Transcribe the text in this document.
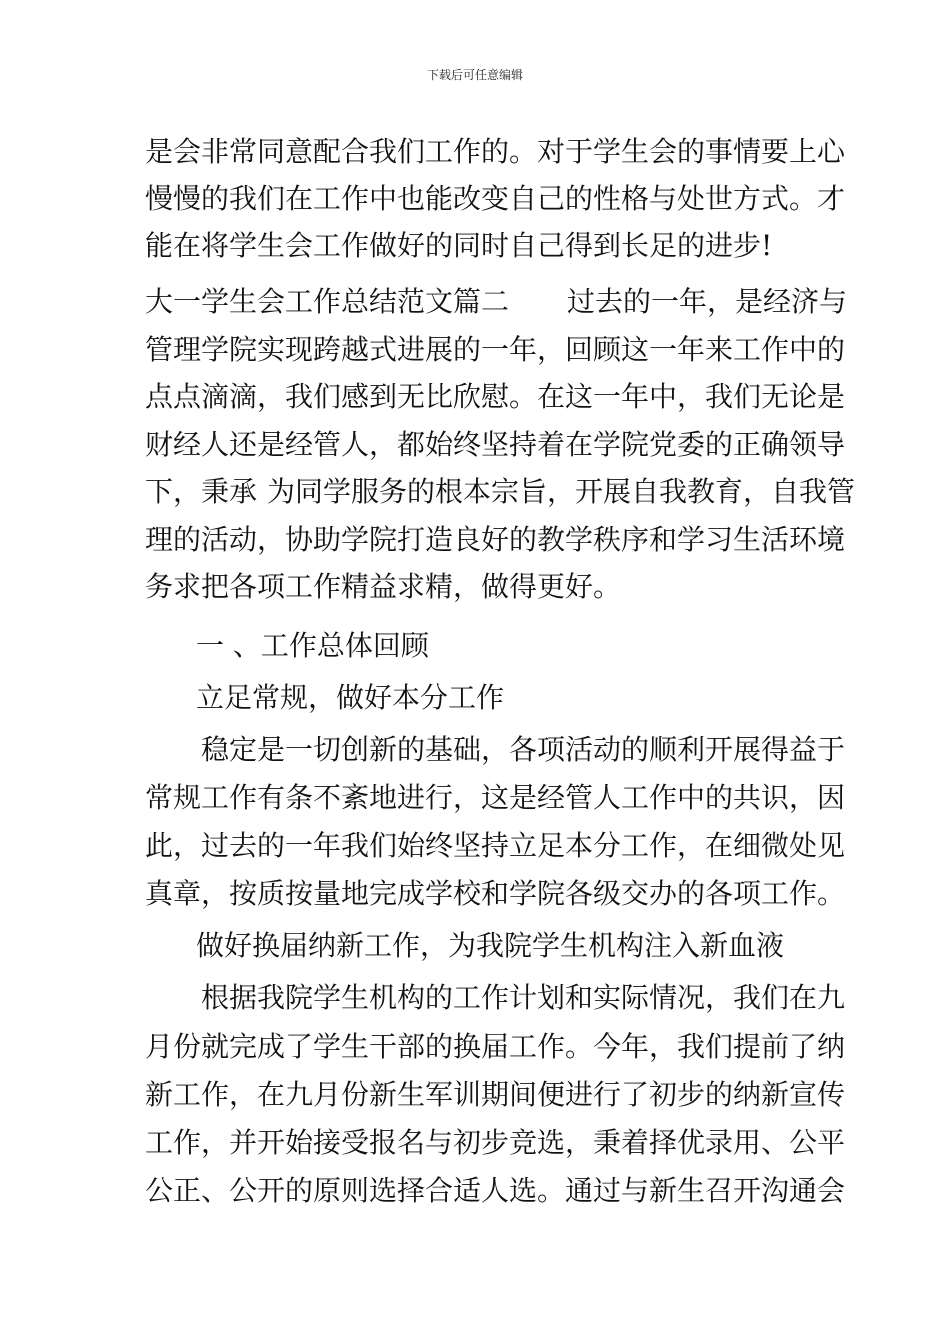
下载后可任意编辑
是会非常同意配合我们工作的。对于学生会的事情要上心
慢慢的我们在工作中也能改变自己的性格与处世方式。才
能在将学生会工作做好的同时自己得到长足的进步!
大一学生会工作总结范文篇二 过去的一年，是经济与
管理学院实现跨越式进展的一年，回顾这一年来工作中的
点点滴滴，我们感到无比欣慰。在这一年中，我们无论是
财经人还是经管人，都始终坚持着在学院党委的正确领导
下，秉承 为同学服务的根本宗旨，开展自我教育，自我管
理的活动，协助学院打造良好的教学秩序和学习生活环境
务求把各项工作精益求精，做得更好。
一 、工作总体回顾
立足常规，做好本分工作
稳定是一切创新的基础，各项活动的顺利开展得益于
常规工作有条不紊地进行，这是经管人工作中的共识，因
此，过去的一年我们始终坚持立足本分工作，在细微处见
真章，按质按量地完成学校和学院各级交办的各项工作。
做好换届纳新工作，为我院学生机构注入新血液
根据我院学生机构的工作计划和实际情况，我们在九
月份就完成了学生干部的换届工作。今年，我们提前了纳
新工作，在九月份新生军训期间便进行了初步的纳新宣传
工作，并开始接受报名与初步竞选，秉着择优录用、公平
公正、公开的原则选择合适人选。通过与新生召开沟通会
